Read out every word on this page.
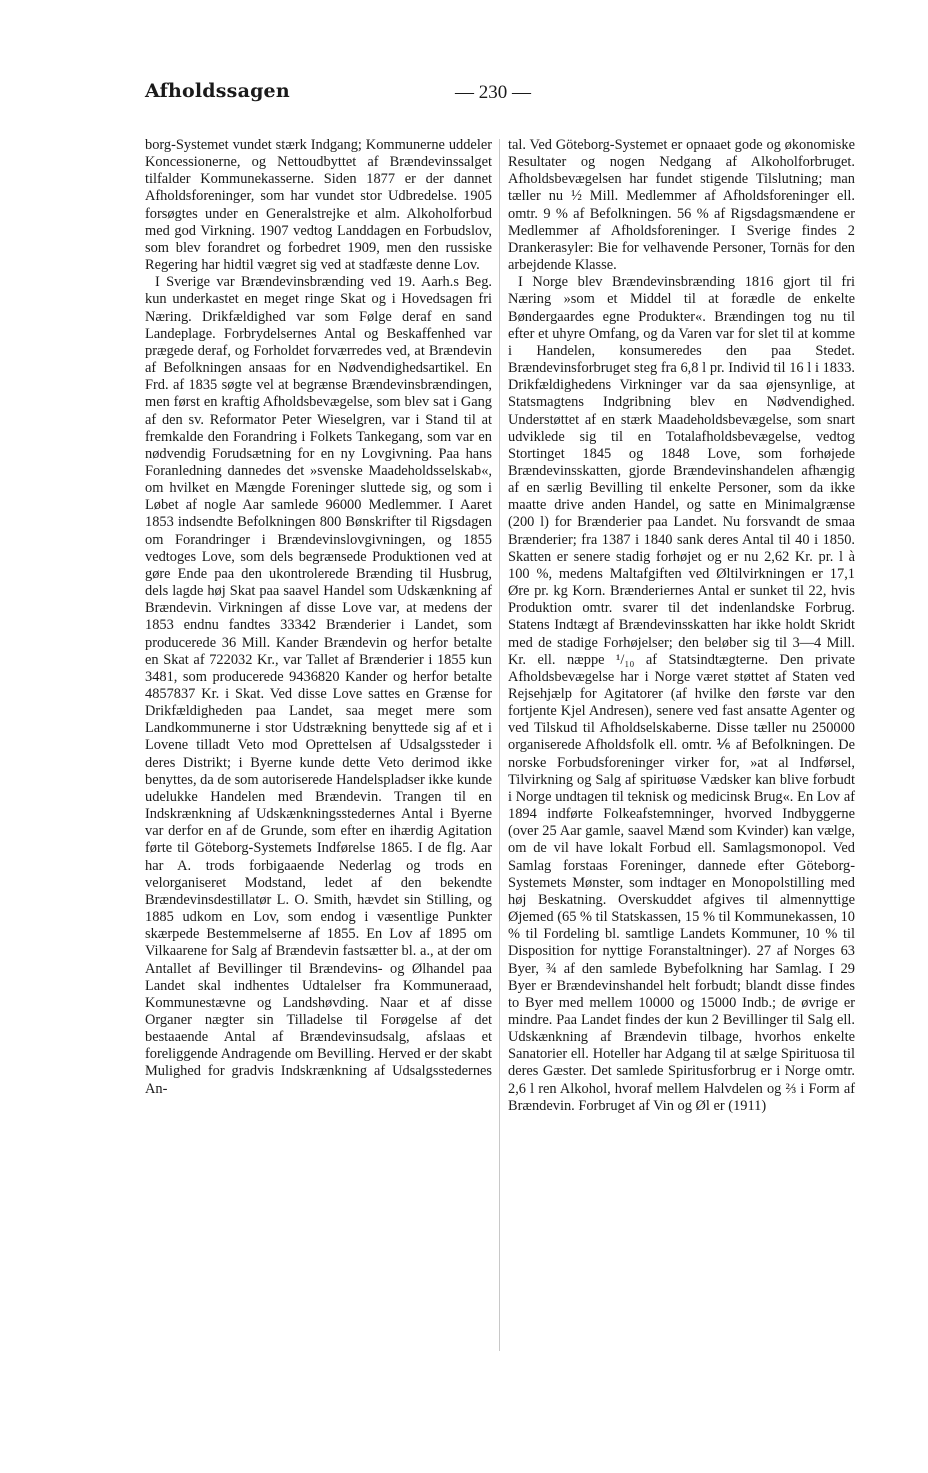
Afholdssagen	— 230 —

borg-Systemet vundet stærk Indgang; Kommunerne uddeler Koncessionerne, og Nettoudbyttet af Brændevinssalget tilfalder Kommunekasserne. Siden 1877 er der dannet Afholdsforeninger, som har vundet stor Udbredelse. 1905 forsøgtes under en Generalstrejke et alm. Alkoholforbud med god Virkning. 1907 vedtog Landdagen en Forbudslov, som blev forandret og forbedret 1909, men den russiske Regering har hidtil vægret sig ved at stadfæste denne Lov.

I Sverige var Brændevinsbrænding ved 19. Aarh.s Beg. kun underkastet en meget ringe Skat og i Hovedsagen fri Næring. Drikfældighed var som Følge deraf en sand Landeplage. Forbrydelsernes Antal og Beskaffenhed var prægede deraf, og Forholdet forværredes ved, at Brændevin af Befolkningen ansaas for en Nødvendighedsartikel. En Frd. af 1835 søgte vel at begrænse Brændevinsbrændingen, men først en kraftig Afholdsbevægelse, som blev sat i Gang af den sv. Reformator Peter Wieselgren, var i Stand til at fremkalde den Forandring i Folkets Tankegang, som var en nødvendig Forudsætning for en ny Lovgivning. Paa hans Foranledning dannedes det »svenske Maadeholdsselskab«, om hvilket en Mængde Foreninger sluttede sig, og som i Løbet af nogle Aar samlede 96000 Medlemmer. I Aaret 1853 indsendte Befolkningen 800 Bønskrifter til Rigsdagen om Forandringer i Brændevinslovgivningen, og 1855 vedtoges Love, som dels begrænsede Produktionen ved at gøre Ende paa den ukontrolerede Brænding til Husbrug, dels lagde høj Skat paa saavel Handel som Udskænkning af Brændevin. Virkningen af disse Love var, at medens der 1853 endnu fandtes 33342 Brænderier i Landet, som producerede 36 Mill. Kander Brændevin og herfor betalte en Skat af 722032 Kr., var Tallet af Brænderier i 1855 kun 3481, som producerede 9436820 Kander og herfor betalte 4857837 Kr. i Skat. Ved disse Love sattes en Grænse for Drikfældigheden paa Landet, saa meget mere som Landkommunerne i stor Udstrækning benyttede sig af et i Lovene tilladt Veto mod Oprettelsen af Udsalgssteder i deres Distrikt; i Byerne kunde dette Veto derimod ikke benyttes, da de som autoriserede Handelspladser ikke kunde udelukke Handelen med Brændevin. Trangen til en Indskrænkning af Udskænkningsstedernes Antal i Byerne var derfor en af de Grunde, som efter en ihærdig Agitation førte til Göteborg-Systemets Indførelse 1865. I de flg. Aar har A. trods forbigaaende Nederlag og trods en velorganiseret Modstand, ledet af den bekendte Brændevinsdestillatør L. O. Smith, hævdet sin Stilling, og 1885 udkom en Lov, som endog i væsentlige Punkter skærpede Bestemmelserne af 1855. En Lov af 1895 om Vilkaarene for Salg af Brændevin fastsætter bl. a., at der om Antallet af Bevillinger til Brændevins- og Ølhandel paa Landet skal indhentes Udtalelser fra Kommuneraad, Kommunestævne og Landshøvding. Naar et af disse Organer nægter sin Tilladelse til Forøgelse af det bestaaende Antal af Brændevinsudsalg, afslaas et foreliggende Andragende om Bevilling. Herved er der skabt Mulighed for gradvis Indskrænkning af Udsalgsstedernes An-

tal. Ved Göteborg-Systemet er opnaaet gode og økonomiske Resultater og nogen Nedgang af Alkoholforbruget. Afholdsbevægelsen har fundet stigende Tilslutning; man tæller nu ½ Mill. Medlemmer af Afholdsforeninger ell. omtr. 9 % af Befolkningen. 56 % af Rigsdagsmændene er Medlemmer af Afholdsforeninger. I Sverige findes 2 Drankerasyler: Bie for velhavende Personer, Tornäs for den arbejdende Klasse.

I Norge blev Brændevinsbrænding 1816 gjort til fri Næring »som et Middel til at forædle de enkelte Bøndergaardes egne Produkter«. Brændingen tog nu til efter et uhyre Omfang, og da Varen var for slet til at komme i Handelen, konsumeredes den paa Stedet. Brændevinsforbruget steg fra 6,8 l pr. Individ til 16 l i 1833. Drikfældighedens Virkninger var da saa øjensynlige, at Statsmagtens Indgribning blev en Nødvendighed. Understøttet af en stærk Maadeholdsbevægelse, som snart udviklede sig til en Totalafholdsbevægelse, vedtog Stortinget 1845 og 1848 Love, som forhøjede Brændevinsskatten, gjorde Brændevinshandelen afhængig af en særlig Bevilling til enkelte Personer, som da ikke maatte drive anden Handel, og satte en Minimalgrænse (200 l) for Brænderier paa Landet. Nu forsvandt de smaa Brænderier; fra 1387 i 1840 sank deres Antal til 40 i 1850. Skatten er senere stadig forhøjet og er nu 2,62 Kr. pr. l à 100 %, medens Maltafgiften ved Øltilvirkningen er 17,1 Øre pr. kg Korn. Brænderiernes Antal er sunket til 22, hvis Produktion omtr. svarer til det indenlandske Forbrug. Statens Indtægt af Brændevinsskatten har ikke holdt Skridt med de stadige Forhøjelser; den beløber sig til 3—4 Mill. Kr. ell. næppe ¹/₁₀ af Statsindtægterne. Den private Afholdsbevægelse har i Norge været støttet af Staten ved Rejsehjælp for Agitatorer (af hvilke den første var den fortjente Kjel Andresen), senere ved fast ansatte Agenter og ved Tilskud til Afholdselskaberne. Disse tæller nu 250000 organiserede Afholdsfolk ell. omtr. ⅙ af Befolkningen. De norske Forbudsforeninger virker for, »at al Indførsel, Tilvirkning og Salg af spirituøse Vædsker kan blive forbudt i Norge undtagen til teknisk og medicinsk Brug«. En Lov af 1894 indførte Folkeafstemninger, hvorved Indbyggerne (over 25 Aar gamle, saavel Mænd som Kvinder) kan vælge, om de vil have lokalt Forbud ell. Samlagsmonopol. Ved Samlag forstaas Foreninger, dannede efter Göteborg-Systemets Mønster, som indtager en Monopolstilling med høj Beskatning. Overskuddet afgives til almennyttige Øjemed (65 % til Statskassen, 15 % til Kommunekassen, 10 % til Fordeling bl. samtlige Landets Kommuner, 10 % til Disposition for nyttige Foranstaltninger). 27 af Norges 63 Byer, ¾ af den samlede Bybefolkning har Samlag. I 29 Byer er Brændevinshandel helt forbudt; blandt disse findes to Byer med mellem 10000 og 15000 Indb.; de øvrige er mindre. Paa Landet findes der kun 2 Bevillinger til Salg ell. Udskænkning af Brændevin tilbage, hvorhos enkelte Sanatorier ell. Hoteller har Adgang til at sælge Spirituosa til deres Gæster. Det samlede Spiritusforbrug er i Norge omtr. 2,6 l ren Alkohol, hvoraf mellem Halvdelen og ⅔ i Form af Brændevin. Forbruget af Vin og Øl er (1911)
